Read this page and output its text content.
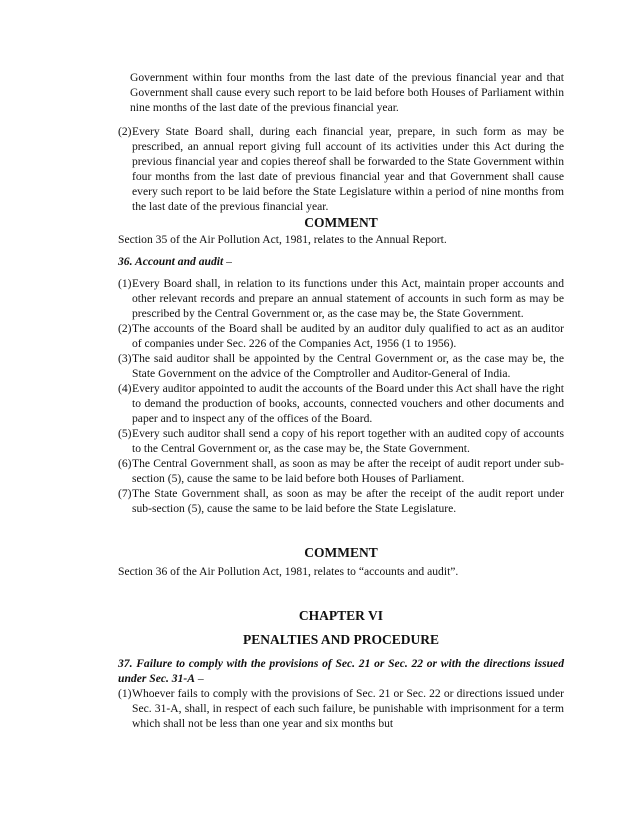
Government within four months from the last date of the previous financial year and that Government shall cause every such report to be laid before both Houses of Parliament within nine months of the last date of the previous financial year.

(2) Every State Board shall, during each financial year, prepare, in such form as may be prescribed, an annual report giving full account of its activities under this Act during the previous financial year and copies thereof shall be forwarded to the State Government within four months from the last date of previous financial year and that Government shall cause every such report to be laid before the State Legislature within a period of nine months from the last date of the previous financial year.

COMMENT

Section 35 of the Air Pollution Act, 1981, relates to the Annual Report.

36. Account and audit –

(1) Every Board shall, in relation to its functions under this Act, maintain proper accounts and other relevant records and prepare an annual statement of accounts in such form as may be prescribed by the Central Government or, as the case may be, the State Government.
(2) The accounts of the Board shall be audited by an auditor duly qualified to act as an auditor of companies under Sec. 226 of the Companies Act, 1956 (1 to 1956).
(3) The said auditor shall be appointed by the Central Government or, as the case may be, the State Government on the advice of the Comptroller and Auditor-General of India.
(4) Every auditor appointed to audit the accounts of the Board under this Act shall have the right to demand the production of books, accounts, connected vouchers and other documents and paper and to inspect any of the offices of the Board.
(5) Every such auditor shall send a copy of his report together with an audited copy of accounts to the Central Government or, as the case may be, the State Government.
(6) The Central Government shall, as soon as may be after the receipt of audit report under sub-section (5), cause the same to be laid before both Houses of Parliament.
(7) The State Government shall, as soon as may be after the receipt of the audit report under sub-section (5), cause the same to be laid before the State Legislature.

COMMENT

Section 36 of the Air Pollution Act, 1981, relates to “accounts and audit”.

CHAPTER VI

PENALTIES AND PROCEDURE

37. Failure to comply with the provisions of Sec. 21 or Sec. 22 or with the directions issued under Sec. 31-A –

(1) Whoever fails to comply with the provisions of Sec. 21 or Sec. 22 or directions issued under Sec. 31-A, shall, in respect of each such failure, be punishable with imprisonment for a term which shall not be less than one year and six months but
